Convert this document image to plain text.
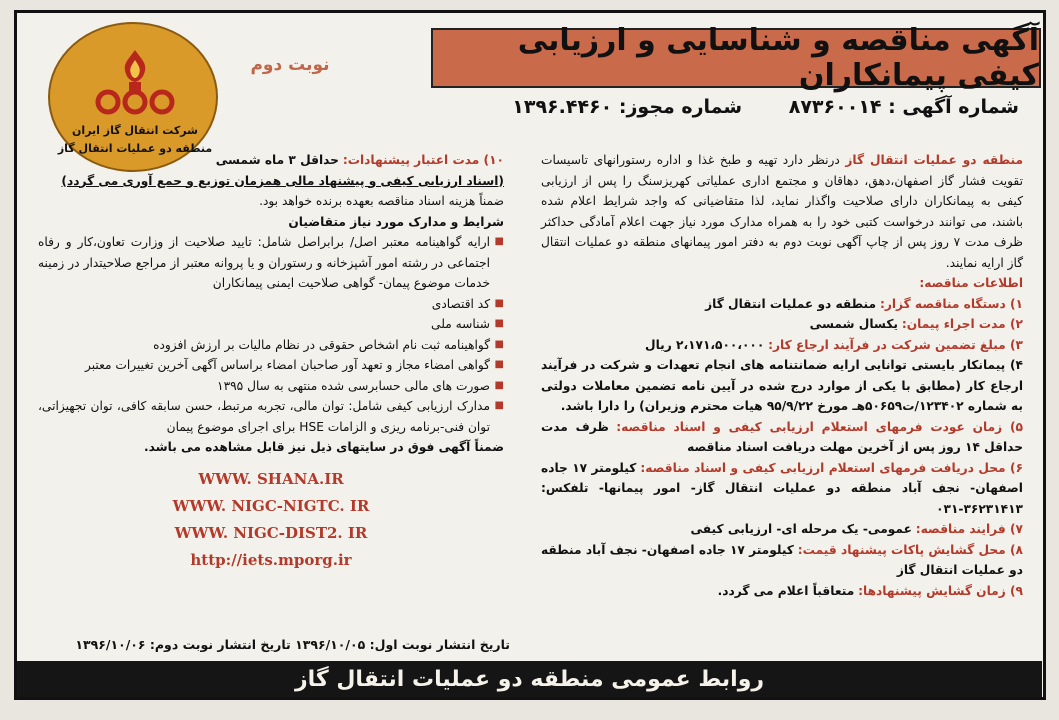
شرکت انتقال گاز ایران
منطقه دو عملیات انتقال گاز
آگهی مناقصه و شناسایی و ارزیابی کیفی پیمانکاران
نوبت دوم
شماره آگهی : ۸۷۳۶۰۰۱۴ شماره مجوز: ۱۳۹۶.۴۴۶۰

منطقه دو عملیات انتقال گاز درنظر دارد تهیه و طبخ غذا و اداره رستورانهای تاسیسات تقویت فشار گاز اصفهان،دهق، دهاقان و مجتمع اداری عملیاتی کهریزسنگ را پس از ارزیابی کیفی به پیمانکاران دارای صلاحیت واگذار نماید، لذا متقاضیانی که واجد شرایط اعلام شده باشند، می توانند درخواست کتبی خود را به همراه مدارک مورد نیاز جهت اعلام آمادگی حداکثر ظرف مدت ۷ روز پس از چاپ آگهی نوبت دوم به دفتر امور پیمانهای منطقه دو عملیات انتقال گاز ارایه نمایند.

اطلاعات مناقصه:
۱) دستگاه مناقصه گزار: منطقه دو عملیات انتقال گاز
۲) مدت اجراء پیمان: یکسال شمسی
۳) مبلغ تضمین شرکت در فرآیند ارجاع کار: ۲،۱۷۱،۵۰۰،۰۰۰ ریال
۴) پیمانکار بایستی توانایی ارایه ضمانتنامه های انجام تعهدات و شرکت در فرآیند ارجاع کار (مطابق با یکی از موارد درج شده در آیین نامه تضمین معاملات دولتی به شماره ۱۲۳۴۰۲/ت۵۰۶۵۹هـ مورخ ۹۵/۹/۲۲ هیات محترم وزیران) را دارا باشد.
۵) زمان عودت فرمهای استعلام ارزیابی کیفی و اسناد مناقصه: ظرف مدت حداقل ۱۴ روز پس از آخرین مهلت دریافت اسناد مناقصه
۶) محل دریافت فرمهای استعلام ارزیابی کیفی و اسناد مناقصه: کیلومتر ۱۷ جاده اصفهان- نجف آباد منطقه دو عملیات انتقال گاز- امور پیمانها- تلفکس: ۳۶۲۳۱۴۱۳-۰۳۱
۷) فرایند مناقصه: عمومی- یک مرحله ای- ارزیابی کیفی
۸) محل گشایش پاکات پیشنهاد قیمت: کیلومتر ۱۷ جاده اصفهان- نجف آباد منطقه دو عملیات انتقال گاز
۹) زمان گشایش پیشنهادها: متعاقباً اعلام می گردد.
۱۰) مدت اعتبار پیشنهادات: حداقل ۳ ماه شمسی
(اسناد ارزیابی کیفی و پیشنهاد مالی همزمان توزیع و جمع آوری می گردد)
ضمناً هزینه اسناد مناقصه بعهده برنده خواهد بود.
شرایط و مدارک مورد نیاز متقاضیان
■ ارایه گواهینامه معتبر اصل/ برابراصل شامل: تایید صلاحیت از وزارت تعاون،کار و رفاه اجتماعی در رشته امور آشپزخانه و رستوران و یا پروانه معتبر از مراجع صلاحیتدار در زمینه خدمات موضوع پیمان- گواهی صلاحیت ایمنی پیمانکاران
■ کد اقتصادی
■ شناسه ملی
■ گواهینامه ثبت نام اشخاص حقوقی در نظام مالیات بر ارزش افزوده
■ گواهی امضاء مجاز و تعهد آور صاحبان امضاء براساس آگهی آخرین تغییرات معتبر
■ صورت های مالی حسابرسی شده منتهی به سال ۱۳۹۵
■ مدارک ارزیابی کیفی شامل: توان مالی، تجربه مرتبط، حسن سابقه کافی، توان تجهیزاتی، توان فنی-برنامه ریزی و الزامات HSE برای اجرای موضوع پیمان
ضمناً آگهی فوق در سایتهای ذیل نیز قابل مشاهده می باشد.
WWW. SHANA.IR
WWW. NIGC-NIGTC. IR
WWW. NIGC-DIST2. IR
http://iets.mporg.ir
تاریخ انتشار نوبت اول: ۱۳۹۶/۱۰/۰۵ تاریخ انتشار نوبت دوم: ۱۳۹۶/۱۰/۰۶
روابط عمومی منطقه دو عملیات انتقال گاز
